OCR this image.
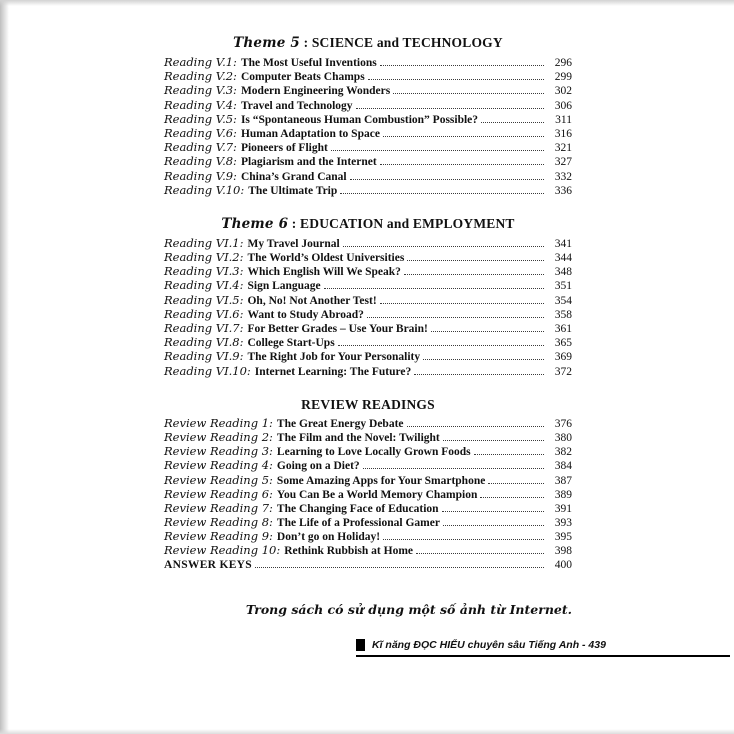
Theme 5 : SCIENCE and TECHNOLOGY
Reading V.1: The Most Useful Inventions	296
Reading V.2: Computer Beats Champs	299
Reading V.3: Modern Engineering Wonders	302
Reading V.4: Travel and Technology	306
Reading V.5: Is “Spontaneous Human Combustion” Possible?	311
Reading V.6: Human Adaptation to Space	316
Reading V.7: Pioneers of Flight	321
Reading V.8: Plagiarism and the Internet	327
Reading V.9: China’s Grand Canal	332
Reading V.10: The Ultimate Trip	336
Theme 6 : EDUCATION and EMPLOYMENT
Reading VI.1: My Travel Journal	341
Reading VI.2: The World’s Oldest Universities	344
Reading VI.3: Which English Will We Speak?	348
Reading VI.4: Sign Language	351
Reading VI.5: Oh, No! Not Another Test!	354
Reading VI.6: Want to Study Abroad?	358
Reading VI.7: For Better Grades – Use Your Brain!	361
Reading VI.8: College Start-Ups	365
Reading VI.9: The Right Job for Your Personality	369
Reading VI.10: Internet Learning: The Future?	372
REVIEW READINGS
Review Reading 1: The Great Energy Debate	376
Review Reading 2: The Film and the Novel: Twilight	380
Review Reading 3: Learning to Love Locally Grown Foods	382
Review Reading 4: Going on a Diet?	384
Review Reading 5: Some Amazing Apps for Your Smartphone	387
Review Reading 6: You Can Be a World Memory Champion	389
Review Reading 7: The Changing Face of Education	391
Review Reading 8: The Life of a Professional Gamer	393
Review Reading 9: Don’t go on Holiday!	395
Review Reading 10: Rethink Rubbish at Home	398
ANSWER KEYS	400
Trong sách có sử dụng một số ảnh từ Internet.
Kĩ năng ĐỌC HIỂU chuyên sâu Tiếng Anh - 439
